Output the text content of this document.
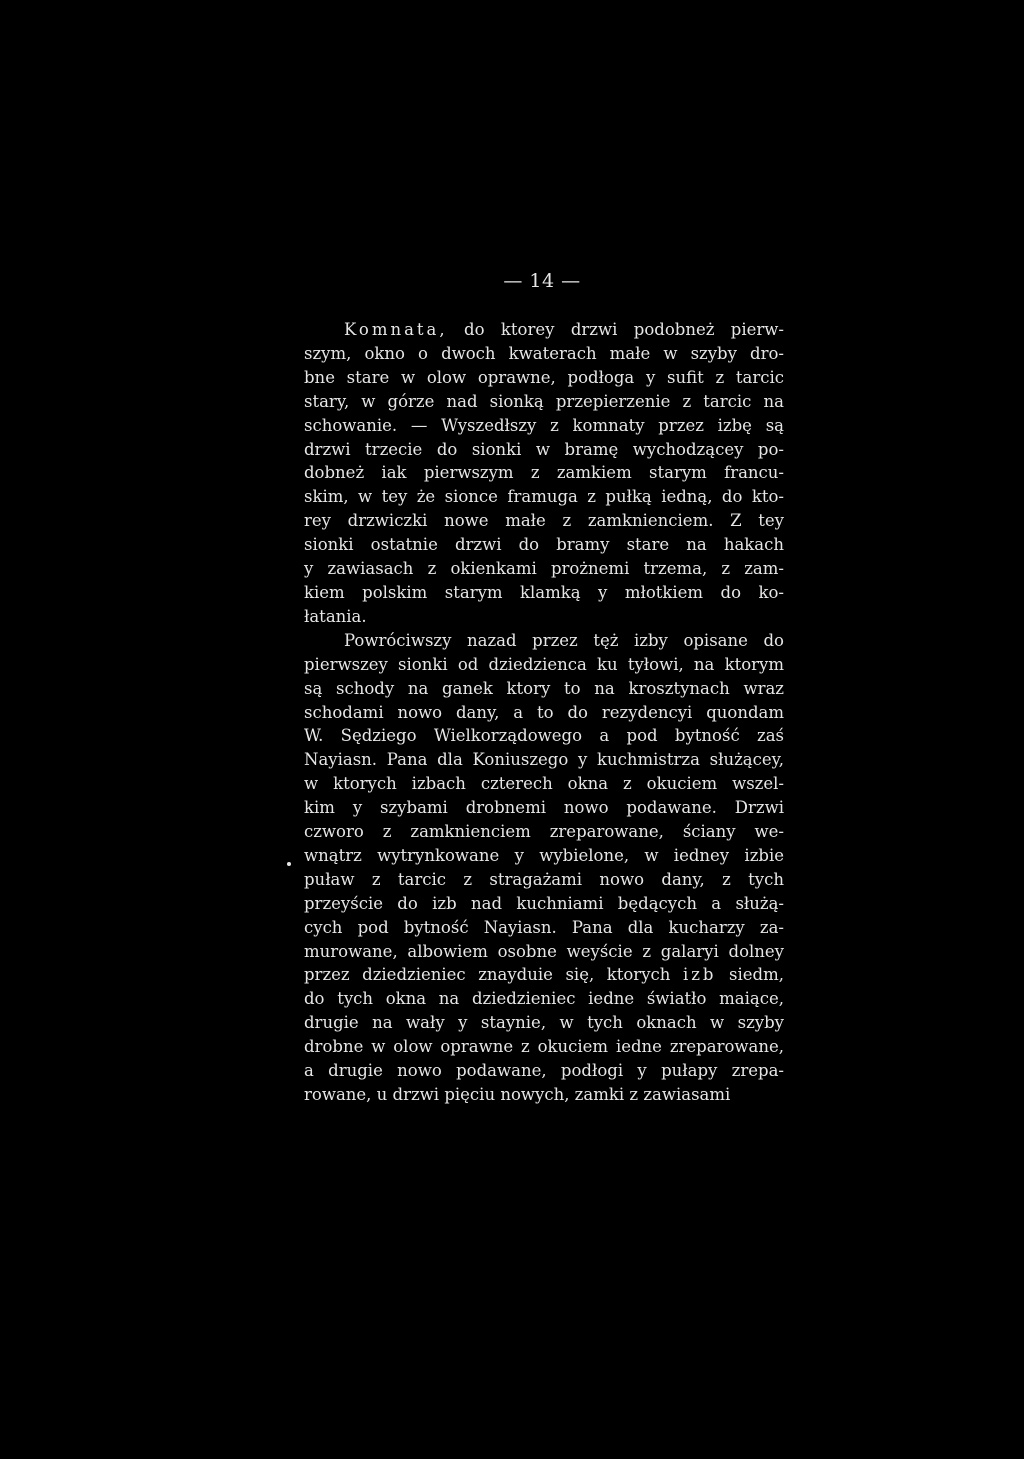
— 14 —
Komnata, do ktorey drzwi podobneż pierw-
szym, okno o dwoch kwaterach małe w szyby dro-
bne stare w olow oprawne, podłoga y sufit z tarcic
stary, w górze nad sionką przepierzenie z tarcic na
schowanie. — Wyszedłszy z komnaty przez izbę są
drzwi trzecie do sionki w bramę wychodzącey po-
dobneż iak pierwszym z zamkiem starym francu-
skim, w tey że sionce framuga z pułką iedną, do kto-
rey drzwiczki nowe małe z zamknienciem. Z tey
sionki ostatnie drzwi do bramy stare na hakach
y zawiasach z okienkami prożnemi trzema, z zam-
kiem polskim starym klamką y młotkiem do ko-
łatania.
Powróciwszy nazad przez tęż izby opisane do
pierwszey sionki od dziedzienca ku tyłowi, na ktorym
są schody na ganek ktory to na krosztynach wraz
schodami nowo dany, a to do rezydencyi quondam
W. Sędziego Wielkorządowego a pod bytność zaś
Nayiasn. Pana dla Koniuszego y kuchmistrza służącey,
w ktorych izbach czterech okna z okuciem wszel-
kim y szybami drobnemi nowo podawane. Drzwi
czworo z zamknienciem zreparowane, ściany we-
wnątrz wytrynkowane y wybielone, w iedney izbie
puław z tarcic z stragażami nowo dany, z tych
przeyście do izb nad kuchniami będących a służą-
cych pod bytność Nayiasn. Pana dla kucharzy za-
murowane, albowiem osobne weyście z galaryi dolney
przez dziedzieniec znayduie się, ktorych izb siedm,
do tych okna na dziedzieniec iedne światło maiące,
drugie na wały y staynie, w tych oknach w szyby
drobne w olow oprawne z okuciem iedne zreparowane,
a drugie nowo podawane, podłogi y pułapy zrepa-
rowane, u drzwi pięciu nowych, zamki z zawiasami
